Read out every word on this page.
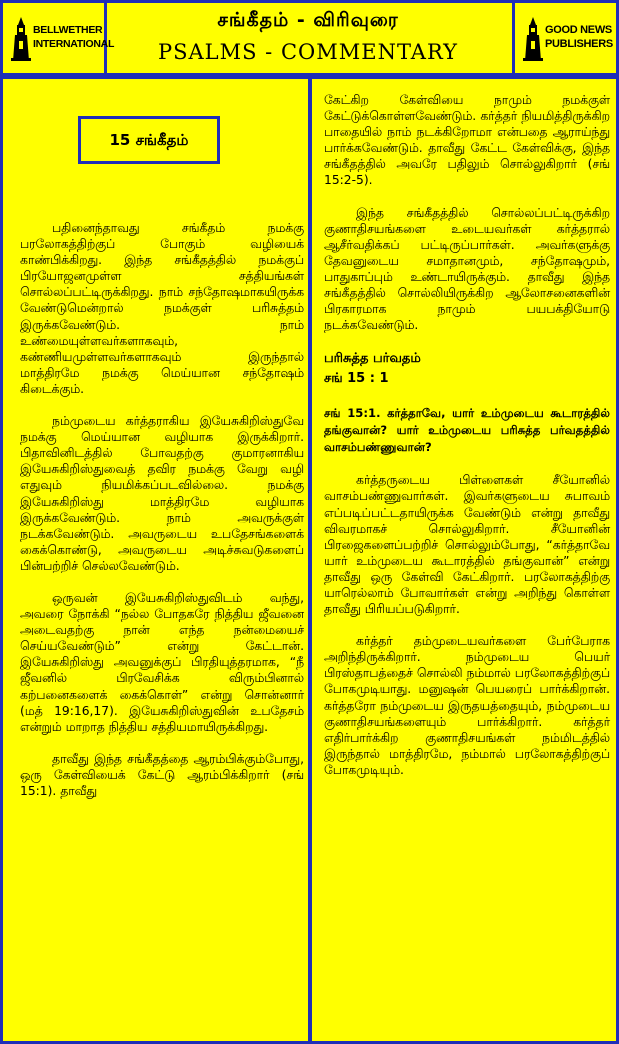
BELLWETHER
INTERNATIONAL
சங்கீதம் - விரிவுரை
PSALMS - COMMENTARY
GOOD NEWS
PUBLISHERS
15 சங்கீதம்

பதினைந்தாவது சங்கீதம் நமக்கு பரலோகத்திற்குப் போகும் வழியைக் காண்பிக்கிறது. இந்த சங்கீதத்தில் நமக்குப் பிரயோஜனமுள்ள சத்தியங்கள் சொல்லப்பட்டிருக்கிறது. நாம் சந்தோஷமாகயிருக்க வேண்டுமென்றால் நமக்குள் பரிசுத்தம் இருக்கவேண்டும். நாம் உண்மையுள்ளவர்களாகவும், கண்ணியமுள்ளவர்களாகவும் இருந்தால் மாத்திரமே நமக்கு மெய்யான சந்தோஷம் கிடைக்கும்.

நம்முடைய கர்த்தராகிய இயேசுகிறிஸ்துவே நமக்கு மெய்யான வழியாக இருக்கிறார். பிதாவினிடத்தில் போவதற்கு குமாரனாகிய இயேசுகிறிஸ்துவைத் தவிர நமக்கு வேறு வழி எதுவும் நியமிக்கப்படவில்லை. நமக்கு இயேசுகிறிஸ்து மாத்திரமே வழியாக இருக்கவேண்டும். நாம் அவருக்குள் நடக்கவேண்டும். அவருடைய உபதேசங்களைக் கைக்கொண்டு, அவருடைய அடிச்சுவடுகளைப் பின்பற்றிச் செல்லவேண்டும்.

ஒருவன் இயேசுகிறிஸ்துவிடம் வந்து, அவரை நோக்கி “நல்ல போதகரே நித்திய ஜீவனை அடைவதற்கு நான் எந்த நன்மையைச் செய்யவேண்டும்” என்று கேட்டான். இயேசுகிறிஸ்து அவனுக்குப் பிரதியுத்தரமாக, “நீ ஜீவனில் பிரவேசிக்க விரும்பினால் கற்பனைகளைக் கைக்கொள்” என்று சொன்னார் (மத் 19:16,17). இயேசுகிறிஸ்துவின் உபதேசம் என்றும் மாறாத நித்திய சத்தியமாயிருக்கிறது.

தாவீது இந்த சங்கீதத்தை ஆரம்பிக்கும்போது, ஒரு கேள்வியைக் கேட்டு ஆரம்பிக்கிறார் (சங் 15:1). தாவீது

கேட்கிற கேள்வியை நாமும் நமக்குள் கேட்டுக்கொள்ளவேண்டும். கர்த்தர் நியமித்திருக்கிற பாதையில் நாம் நடக்கிறோமா என்பதை ஆராய்ந்து பார்க்கவேண்டும். தாவீது கேட்ட கேள்விக்கு, இந்த சங்கீதத்தில் அவரே பதிலும் சொல்லுகிறார் (சங் 15:2-5).

இந்த சங்கீதத்தில் சொல்லப்பட்டிருக்கிற குணாதிசயங்களை உடையவர்கள் கர்த்தரால் ஆசீர்வதிக்கப் பட்டிருப்பார்கள். அவர்களுக்கு தேவனுடைய சமாதானமும், சந்தோஷமும், பாதுகாப்பும் உண்டாயிருக்கும். தாவீது இந்த சங்கீதத்தில் சொல்லியிருக்கிற ஆலோசனைகளின் பிரகாரமாக நாமும் பயபக்தியோடு நடக்கவேண்டும்.

பரிசுத்த பர்வதம்
சங் 15 : 1

சங் 15:1. கர்த்தாவே, யார் உம்முடைய கூடாரத்தில் தங்குவான்? யார் உம்முடைய பரிசுத்த பர்வதத்தில் வாசம்பண்ணுவான்?

கர்த்தருடைய பிள்ளைகள் சீயோனில் வாசம்பண்ணுவார்கள். இவர்களுடைய சுபாவம் எப்படிப்பட்டதாயிருக்க வேண்டும் என்று தாவீது விவரமாகச் சொல்லுகிறார். சீயோனின் பிரஜைகளைப்பற்றிச் சொல்லும்போது, “கர்த்தாவே யார் உம்முடைய கூடாரத்தில் தங்குவான்” என்று தாவீது ஒரு கேள்வி கேட்கிறார். பரலோகத்திற்கு யாரெல்லாம் போவார்கள் என்று அறிந்து கொள்ள தாவீது பிரியப்படுகிறார்.

கர்த்தர் தம்முடையவர்களை பேர்பேராக அறிந்திருக்கிறார். நம்முடைய பெயர் பிரஸ்தாபத்தைச் சொல்லி நம்மால் பரலோகத்திற்குப் போகமுடியாது. மனுஷன் பெயரைப் பார்க்கிறான். கர்த்தரோ நம்முடைய இருதயத்தையும், நம்முடைய குணாதிசயங்களையும் பார்க்கிறார். கர்த்தர் எதிர்பார்க்கிற குணாதிசயங்கள் நம்மிடத்தில் இருந்தால் மாத்திரமே, நம்மால் பரலோகத்திற்குப் போகமுடியும்.
